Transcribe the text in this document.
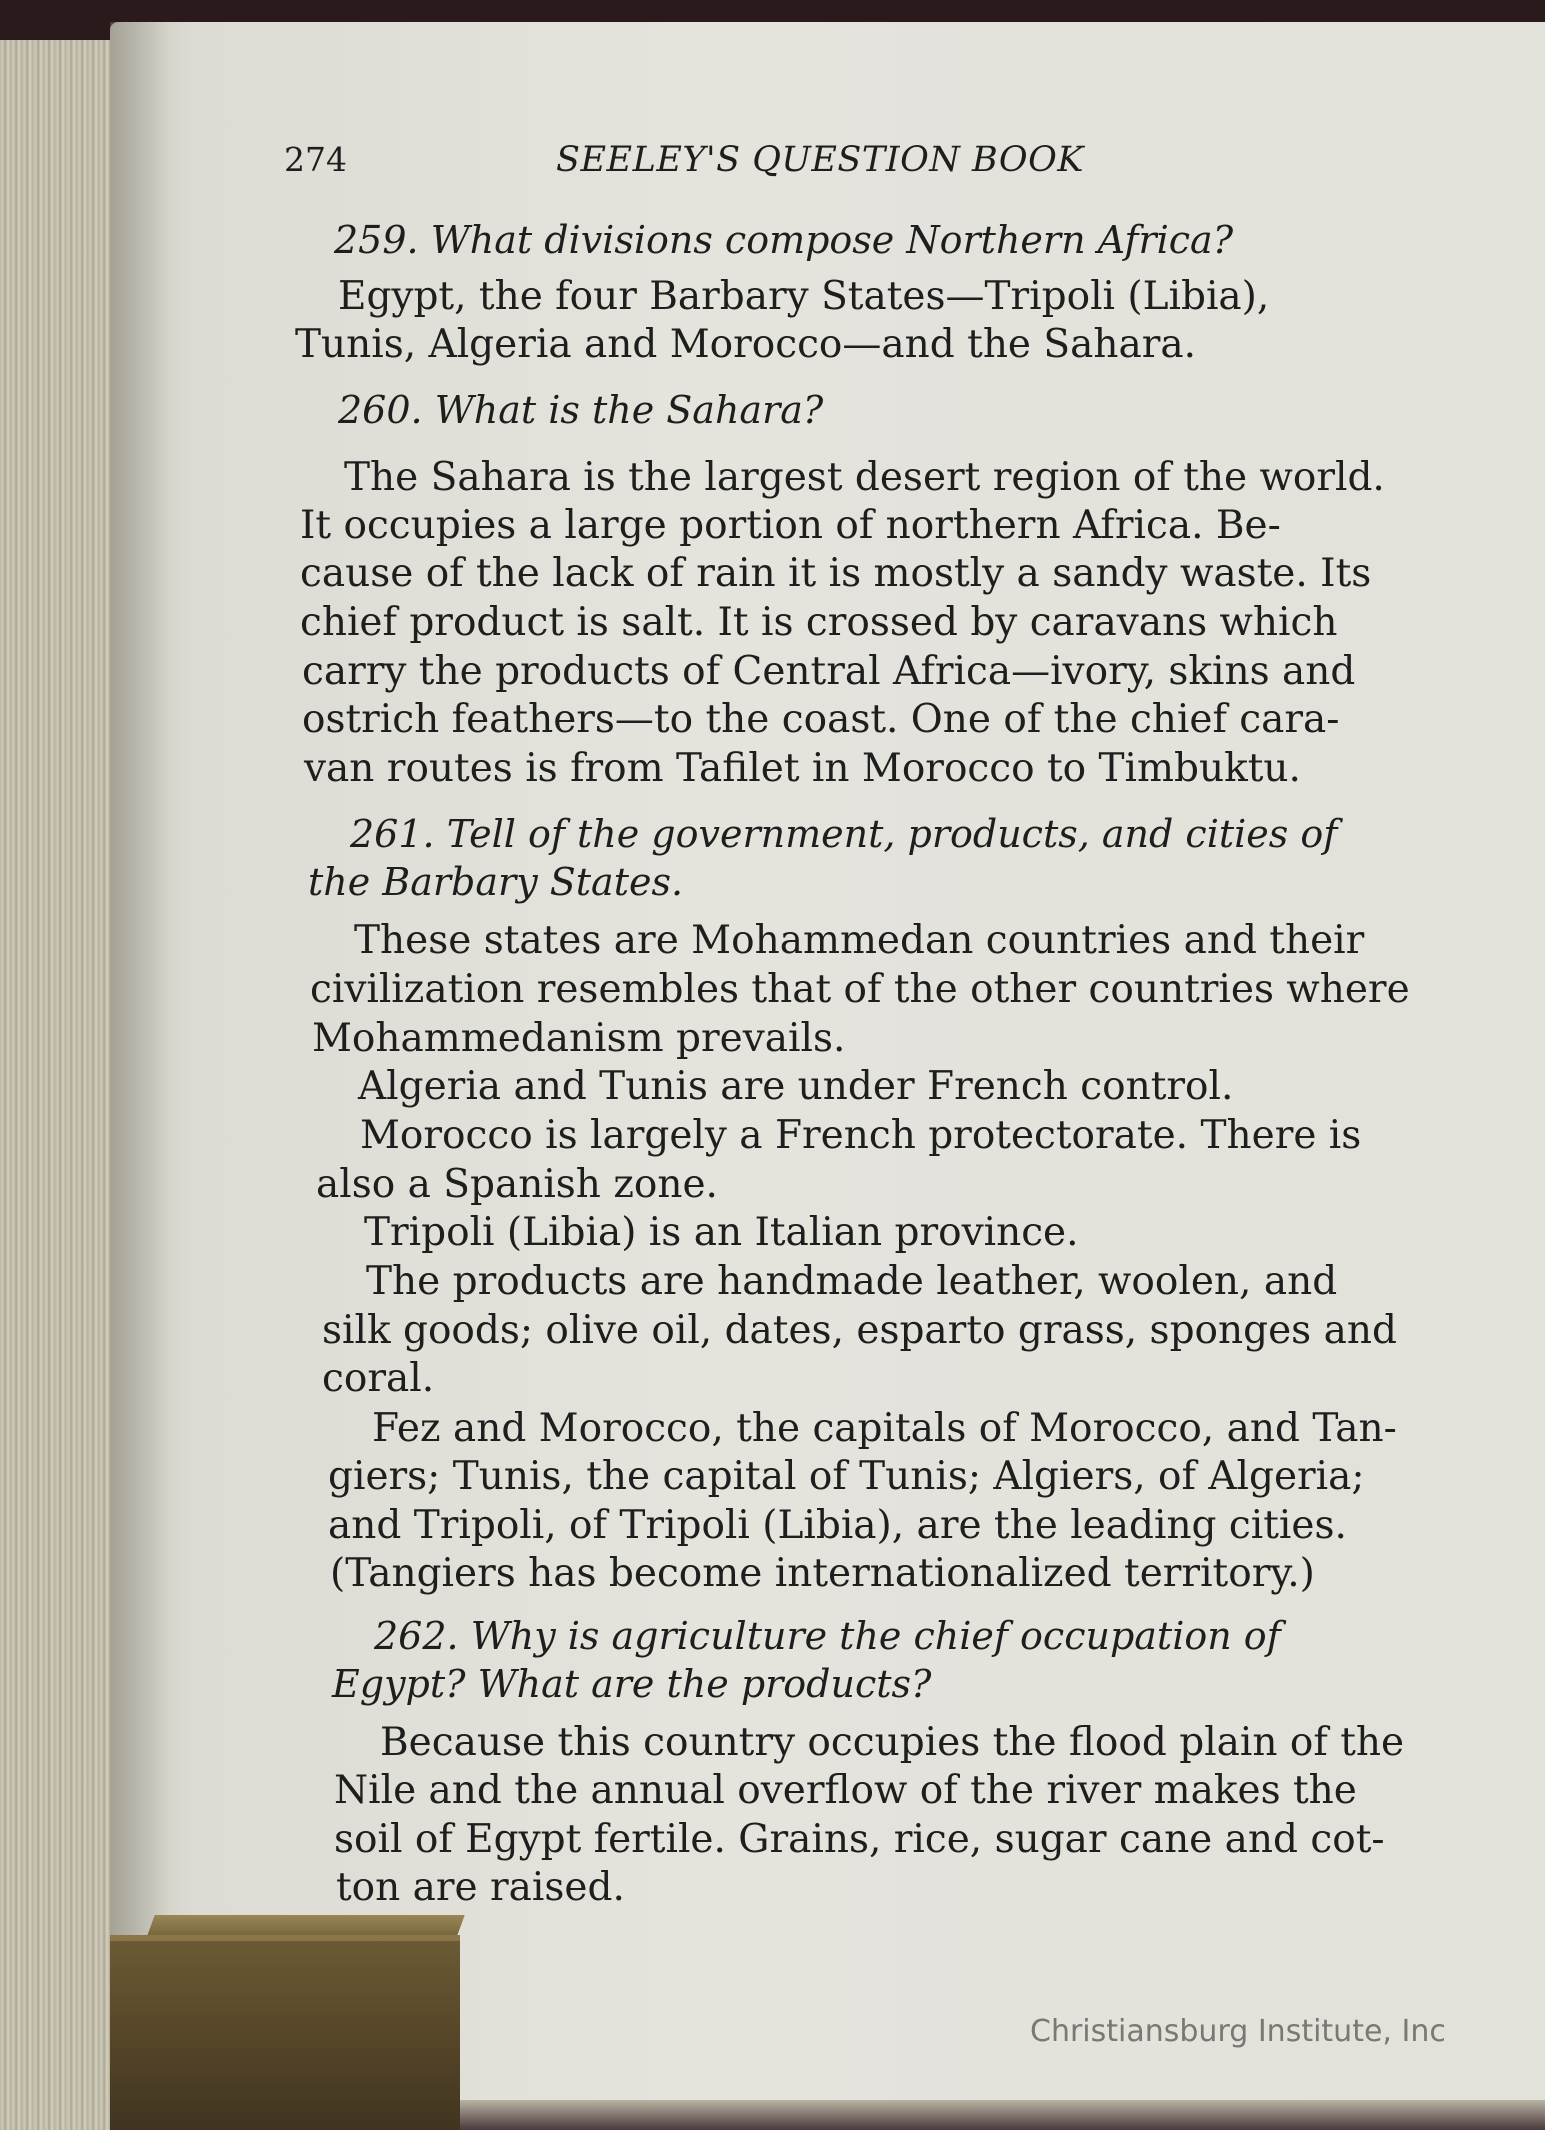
274	SEELEY'S QUESTION BOOK
259. What divisions compose Northern Africa?
Egypt, the four Barbary States—Tripoli (Libia),
Tunis, Algeria and Morocco—and the Sahara.
260. What is the Sahara?
The Sahara is the largest desert region of the world.
It occupies a large portion of northern Africa. Be-
cause of the lack of rain it is mostly a sandy waste. Its
chief product is salt. It is crossed by caravans which
carry the products of Central Africa—ivory, skins and
ostrich feathers—to the coast. One of the chief cara-
van routes is from Tafilet in Morocco to Timbuktu.
261. Tell of the government, products, and cities of
the Barbary States.
These states are Mohammedan countries and their
civilization resembles that of the other countries where
Mohammedanism prevails.
Algeria and Tunis are under French control.
Morocco is largely a French protectorate. There is
also a Spanish zone.
Tripoli (Libia) is an Italian province.
The products are handmade leather, woolen, and
silk goods; olive oil, dates, esparto grass, sponges and
coral.
Fez and Morocco, the capitals of Morocco, and Tan-
giers; Tunis, the capital of Tunis; Algiers, of Algeria;
and Tripoli, of Tripoli (Libia), are the leading cities.
(Tangiers has become internationalized territory.)
262. Why is agriculture the chief occupation of
Egypt? What are the products?
Because this country occupies the flood plain of the
Nile and the annual overflow of the river makes the
soil of Egypt fertile. Grains, rice, sugar cane and cot-
ton are raised.
Christiansburg Institute, Inc
